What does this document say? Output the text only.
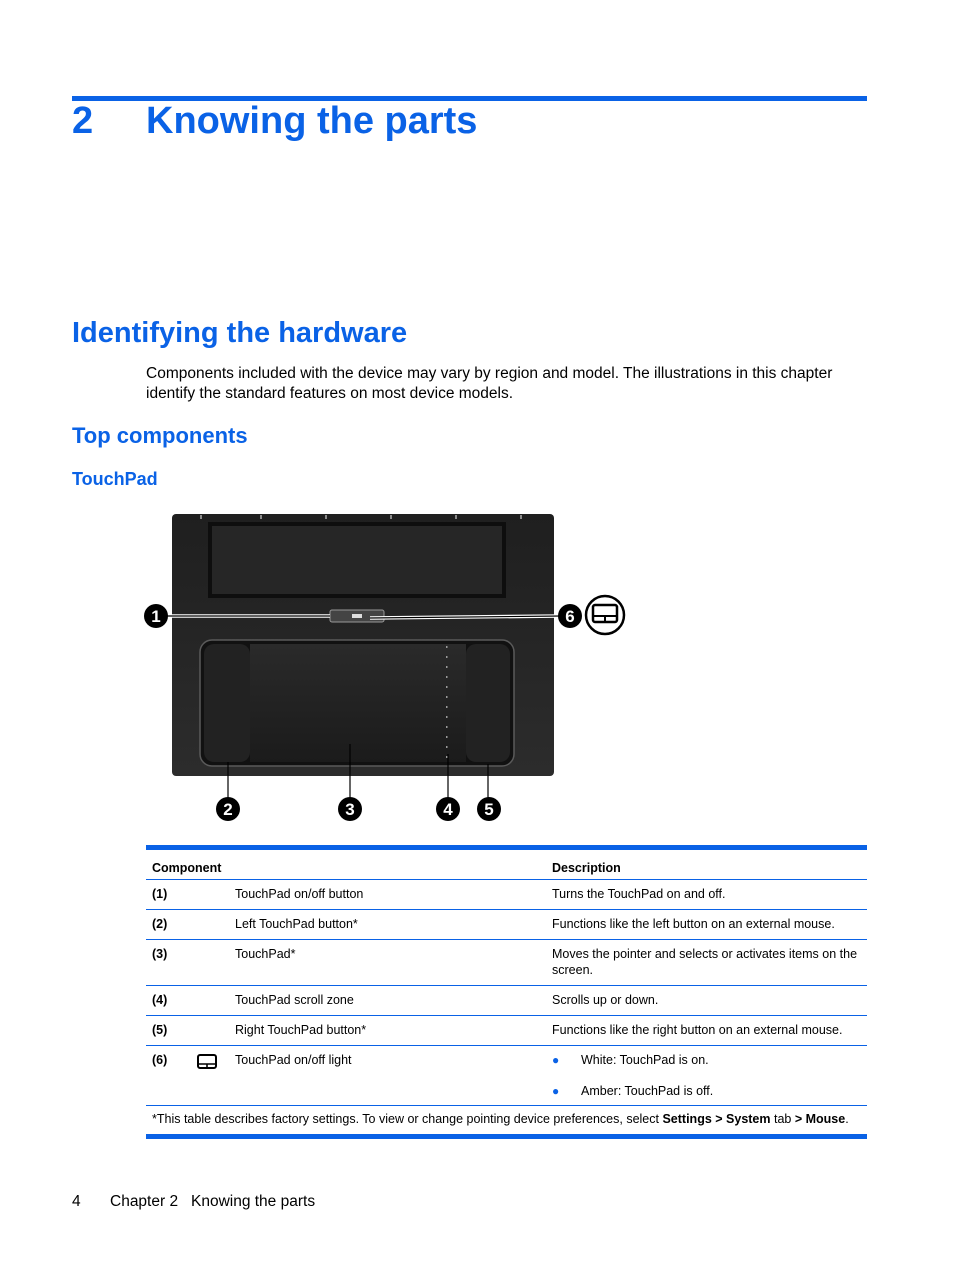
2 Knowing the parts
Identifying the hardware
Components included with the device may vary by region and model. The illustrations in this chapter identify the standard features on most device models.
Top components
TouchPad
1
2	3	4 5
6
Component	Description
(1)	TouchPad on/off button	Turns the TouchPad on and off.
(2)	Left TouchPad button*	Functions like the left button on an external mouse.
(3)	TouchPad*	Moves the pointer and selects or activates items on the screen.
(4)	TouchPad scroll zone	Scrolls up or down.
(5)	Right TouchPad button*	Functions like the right button on an external mouse.
(6)	TouchPad on/off light	● White: TouchPad is on.
● Amber: TouchPad is off.
*This table describes factory settings. To view or change pointing device preferences, select Settings > System tab > Mouse.
4 Chapter 2   Knowing the parts
